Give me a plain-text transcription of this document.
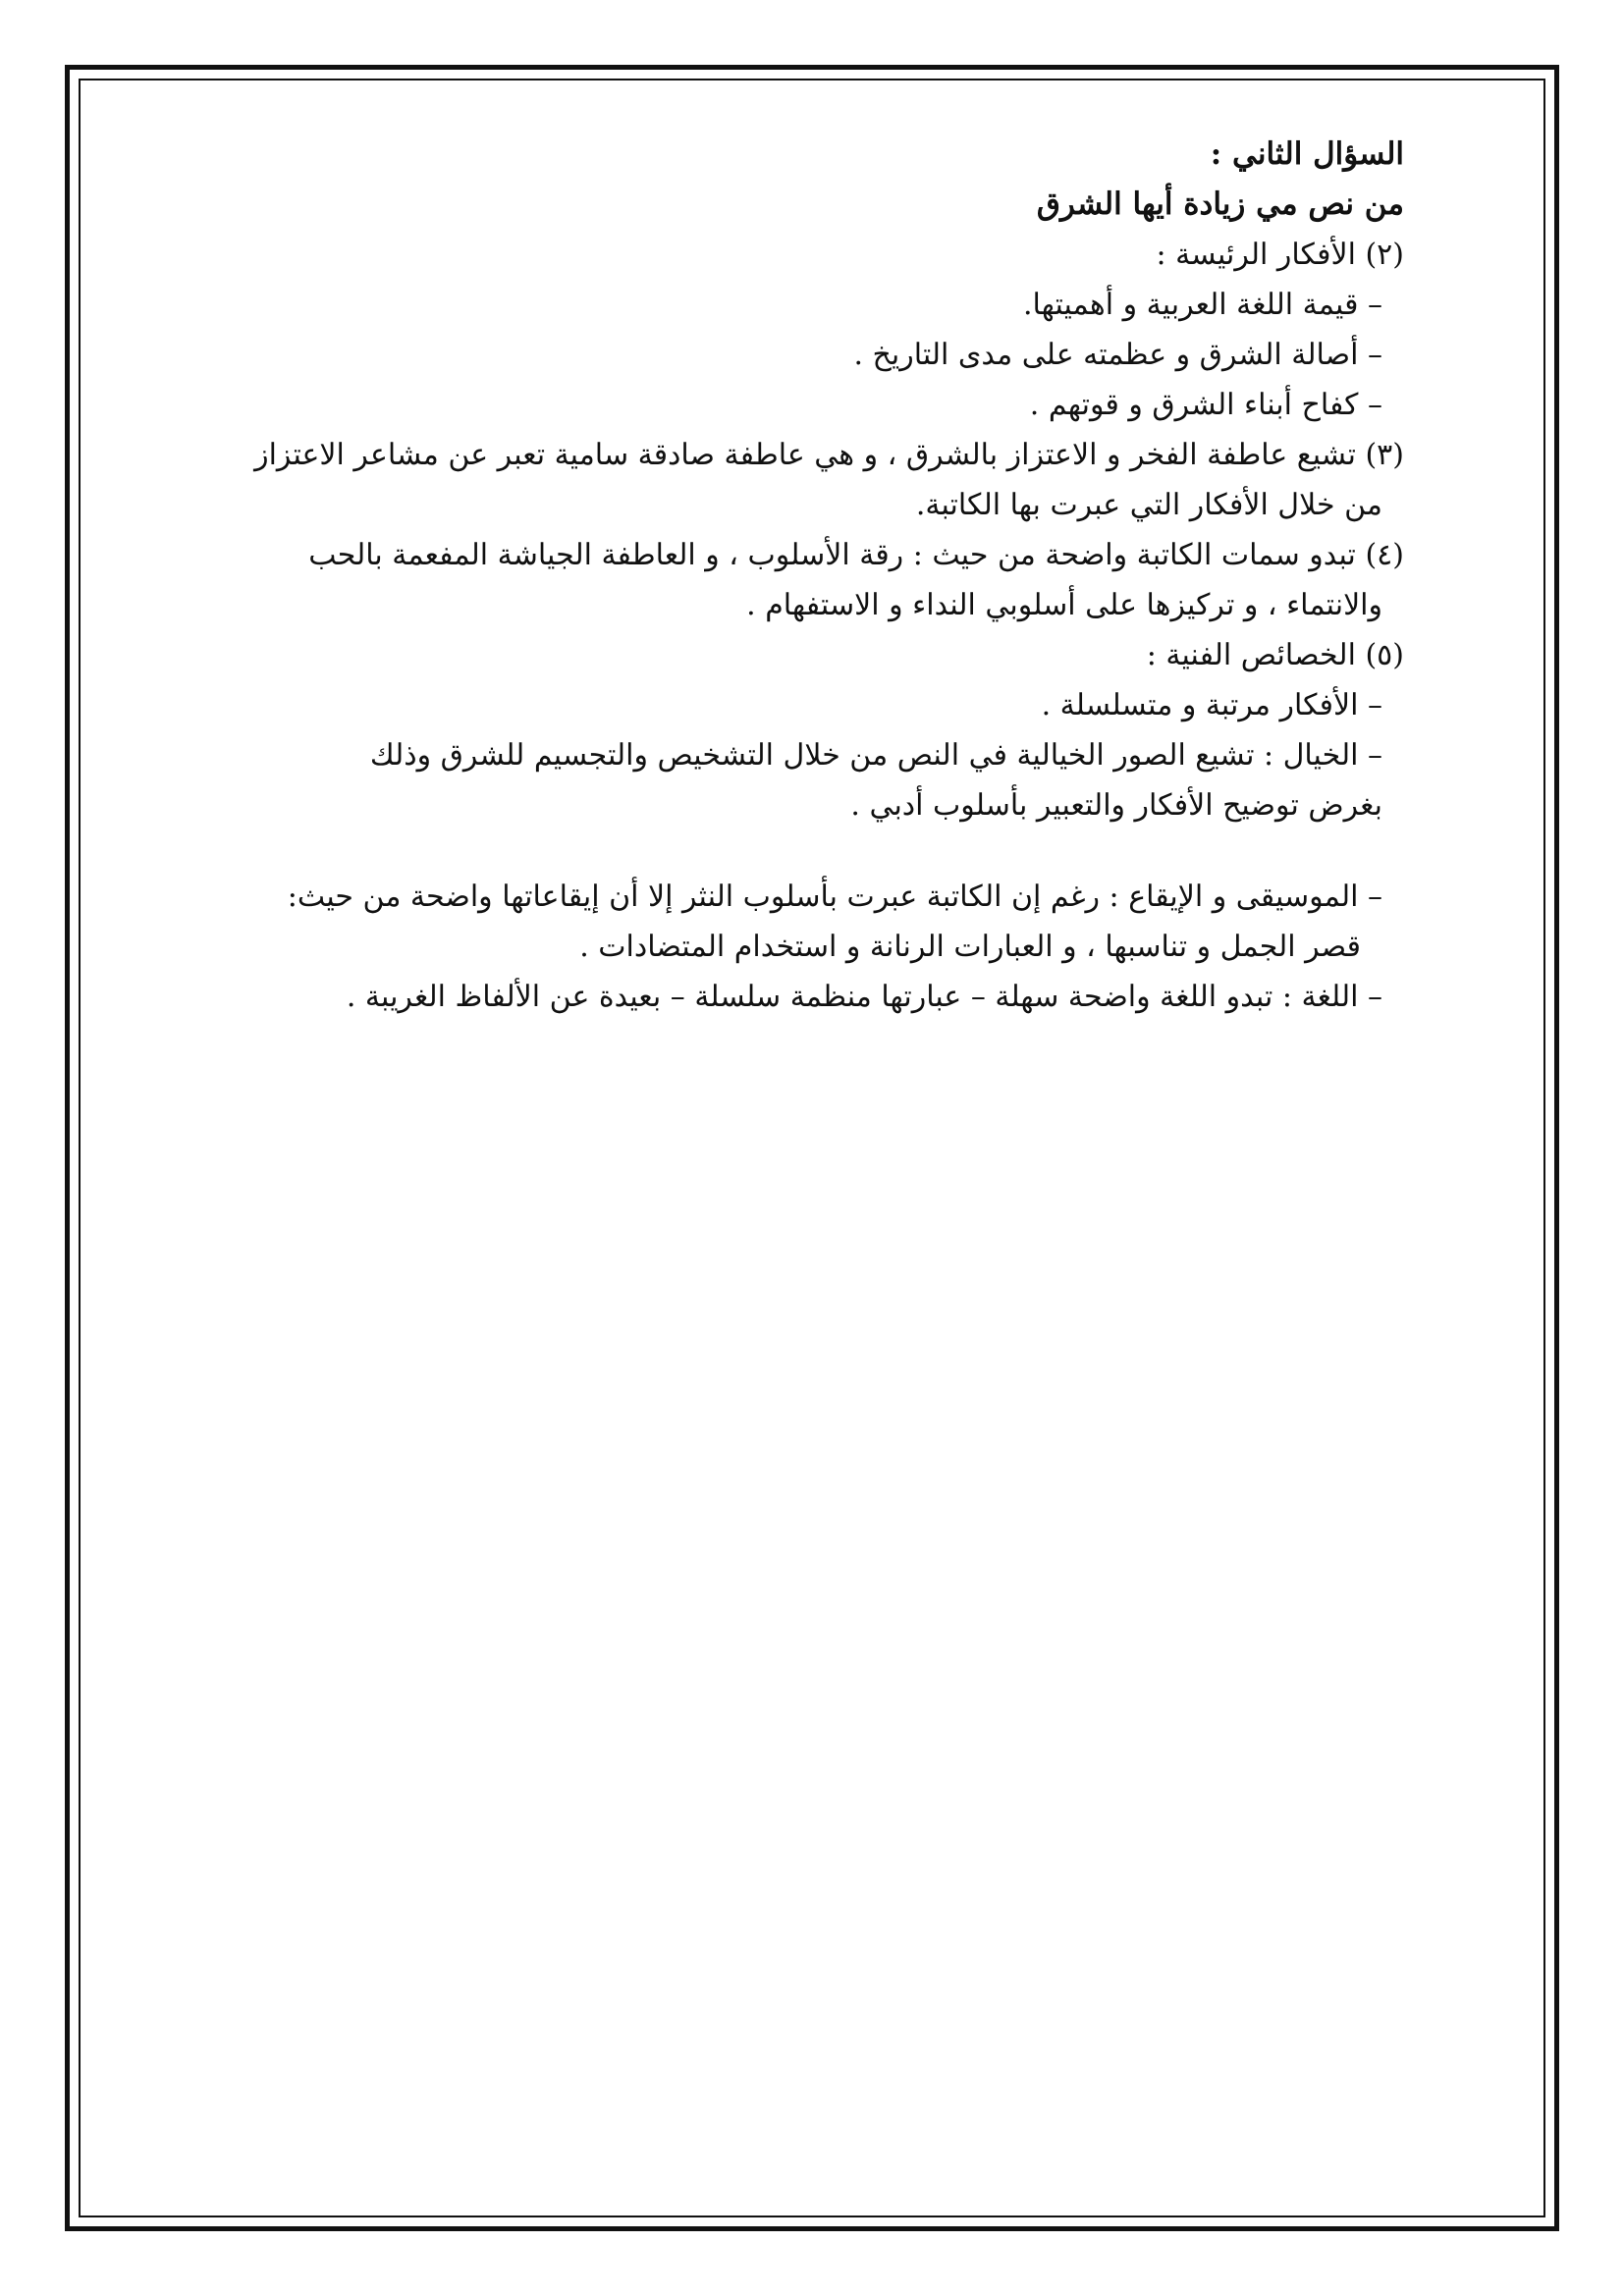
السؤال الثاني :
من نص مي زيادة أيها الشرق
(٢) الأفكار الرئيسة :
– قيمة اللغة العربية و أهميتها.
– أصالة الشرق و عظمته على مدى التاريخ .
– كفاح أبناء الشرق و قوتهم .
(٣) تشيع عاطفة الفخر و الاعتزاز بالشرق ، و هي عاطفة صادقة سامية تعبر عن مشاعر الاعتزاز
من خلال الأفكار التي عبرت بها الكاتبة.
(٤) تبدو سمات الكاتبة واضحة من حيث : رقة الأسلوب ، و العاطفة الجياشة المفعمة بالحب
والانتماء ، و تركيزها على أسلوبي النداء و الاستفهام .
(٥) الخصائص الفنية :
– الأفكار مرتبة و متسلسلة .
– الخيال : تشيع الصور الخيالية في النص من خلال التشخيص والتجسيم للشرق وذلك
بغرض توضيح الأفكار والتعبير بأسلوب أدبي .
– الموسيقى و الإيقاع : رغم إن الكاتبة عبرت بأسلوب النثر إلا أن إيقاعاتها واضحة من حيث:
قصر الجمل و تناسبها ، و العبارات الرنانة و استخدام المتضادات .
– اللغة : تبدو اللغة واضحة سهلة – عبارتها منظمة سلسلة – بعيدة عن الألفاظ الغريبة .
